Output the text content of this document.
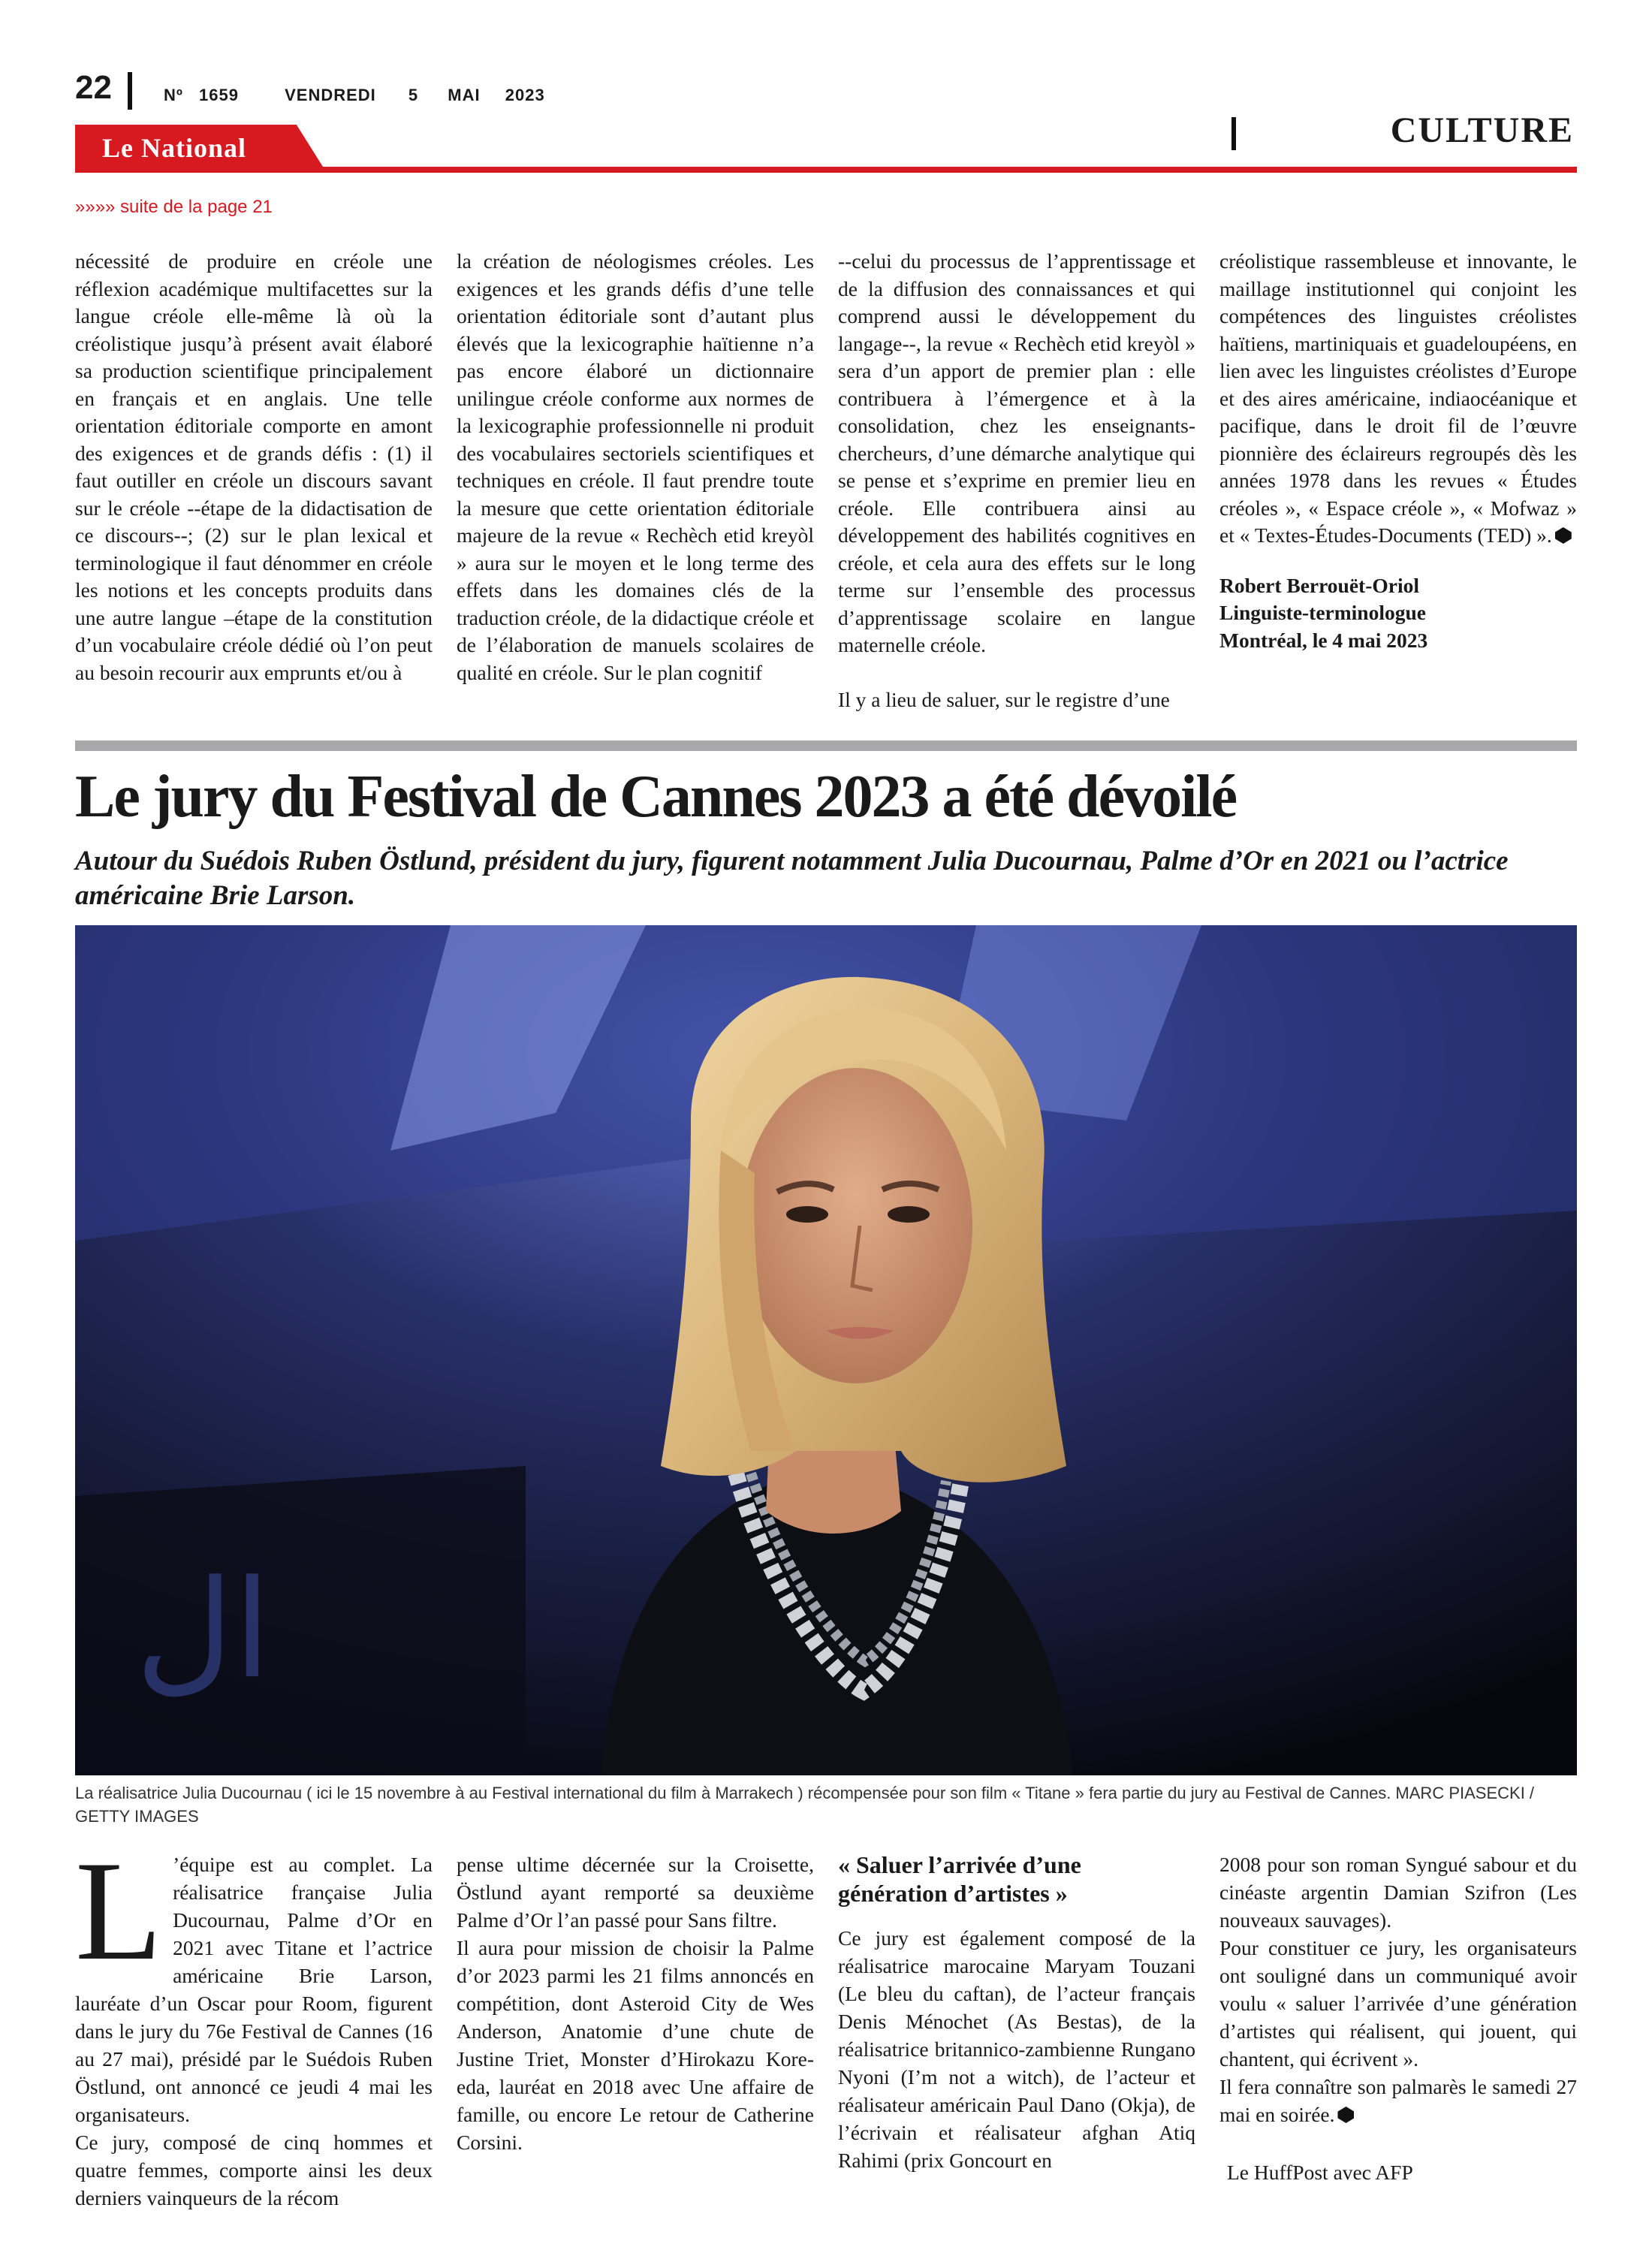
22	Nº 1659	VENDREDI 5 MAI 2023
CULTURE
Le National
»»»» suite de la page 21

nécessité de produire en créole une réflexion académique multifacettes sur la langue créole elle-même là où la créolistique jusqu’à présent avait élaboré sa production scientifique principalement en français et en anglais. Une telle orientation éditoriale comporte en amont des exigences et de grands défis : (1) il faut outiller en créole un discours savant sur le créole --étape de la didactisation de ce discours--; (2) sur le plan lexical et terminologique il faut dénommer en créole les notions et les concepts produits dans une autre langue –étape de la constitution d’un vocabulaire créole dédié où l’on peut au besoin recourir aux emprunts et/ou à

la création de néologismes créoles. Les exigences et les grands défis d’une telle orientation éditoriale sont d’autant plus élevés que la lexicographie haïtienne n’a pas encore élaboré un dictionnaire unilingue créole conforme aux normes de la lexicographie professionnelle ni produit des vocabulaires sectoriels scientifiques et techniques en créole. Il faut prendre toute la mesure que cette orientation éditoriale majeure de la revue « Rechèch etid kreyòl » aura sur le moyen et le long terme des effets dans les domaines clés de la traduction créole, de la didactique créole et de l’élaboration de manuels scolaires de qualité en créole. Sur le plan cognitif

--celui du processus de l’apprentissage et de la diffusion des connaissances et qui comprend aussi le développement du langage--, la revue « Rechèch etid kreyòl » sera d’un apport de premier plan : elle contribuera à l’émergence et à la consolidation, chez les enseignants-chercheurs, d’une démarche analytique qui se pense et s’exprime en premier lieu en créole. Elle contribuera ainsi au développement des habilités cognitives en créole, et cela aura des effets sur le long terme sur l’ensemble des processus d’apprentissage scolaire en langue maternelle créole.

Il y a lieu de saluer, sur le registre d’une

créolistique rassembleuse et innovante, le maillage institutionnel qui conjoint les compétences des linguistes créolistes haïtiens, martiniquais et guadeloupéens, en lien avec les linguistes créolistes d’Europe et des aires américaine, indiaocéanique et pacifique, dans le droit fil de l’œuvre pionnière des éclaireurs regroupés dès les années 1978 dans les revues « Études créoles », « Espace créole », « Mofwaz » et « Textes-Études-Documents (TED) ».

Robert Berrouët-Oriol
Linguiste-terminologue
Montréal, le 4 mai 2023

Le jury du Festival de Cannes 2023 a été dévoilé
Autour du Suédois Ruben Östlund, président du jury, figurent notamment Julia Ducournau, Palme d’Or en 2021 ou l’actrice américaine Brie Larson.
ال
La réalisatrice Julia Ducournau ( ici le 15 novembre à au Festival international du film à Marrakech ) récompensée pour son film « Titane » fera partie du jury au Festival de Cannes. MARC PIASECKI / GETTY IMAGES

L ’équipe est au complet. La réalisatrice française Julia Ducournau, Palme d’Or en 2021 avec Titane et l’actrice américaine Brie Larson, lauréate d’un Oscar pour Room, figurent dans le jury du 76e Festival de Cannes (16 au 27 mai), présidé par le Suédois Ruben Östlund, ont annoncé ce jeudi 4 mai les organisateurs.

Ce jury, composé de cinq hommes et quatre femmes, comporte ainsi les deux derniers vainqueurs de la récom

pense ultime décernée sur la Croisette, Östlund ayant remporté sa deuxième Palme d’Or l’an passé pour Sans filtre.

Il aura pour mission de choisir la Palme d’or 2023 parmi les 21 films annoncés en compétition, dont Asteroid City de Wes Anderson, Anatomie d’une chute de Justine Triet, Monster d’Hirokazu Kore-eda, lauréat en 2018 avec Une affaire de famille, ou encore Le retour de Catherine Corsini.

« Saluer l’arrivée d’une génération d’artistes »

Ce jury est également composé de la réalisatrice marocaine Maryam Touzani (Le bleu du caftan), de l’acteur français Denis Ménochet (As Bestas), de la réalisatrice britannico-zambienne Rungano Nyoni (I’m not a witch), de l’acteur et réalisateur américain Paul Dano (Okja), de l’écrivain et réalisateur afghan Atiq Rahimi (prix Goncourt en

2008 pour son roman Syngué sabour et du cinéaste argentin Damian Szifron (Les nouveaux sauvages).

Pour constituer ce jury, les organisateurs ont souligné dans un communiqué avoir voulu « saluer l’arrivée d’une génération d’artistes qui réalisent, qui jouent, qui chantent, qui écrivent ».

Il fera connaître son palmarès le samedi 27 mai en soirée.

Le HuffPost avec AFP
